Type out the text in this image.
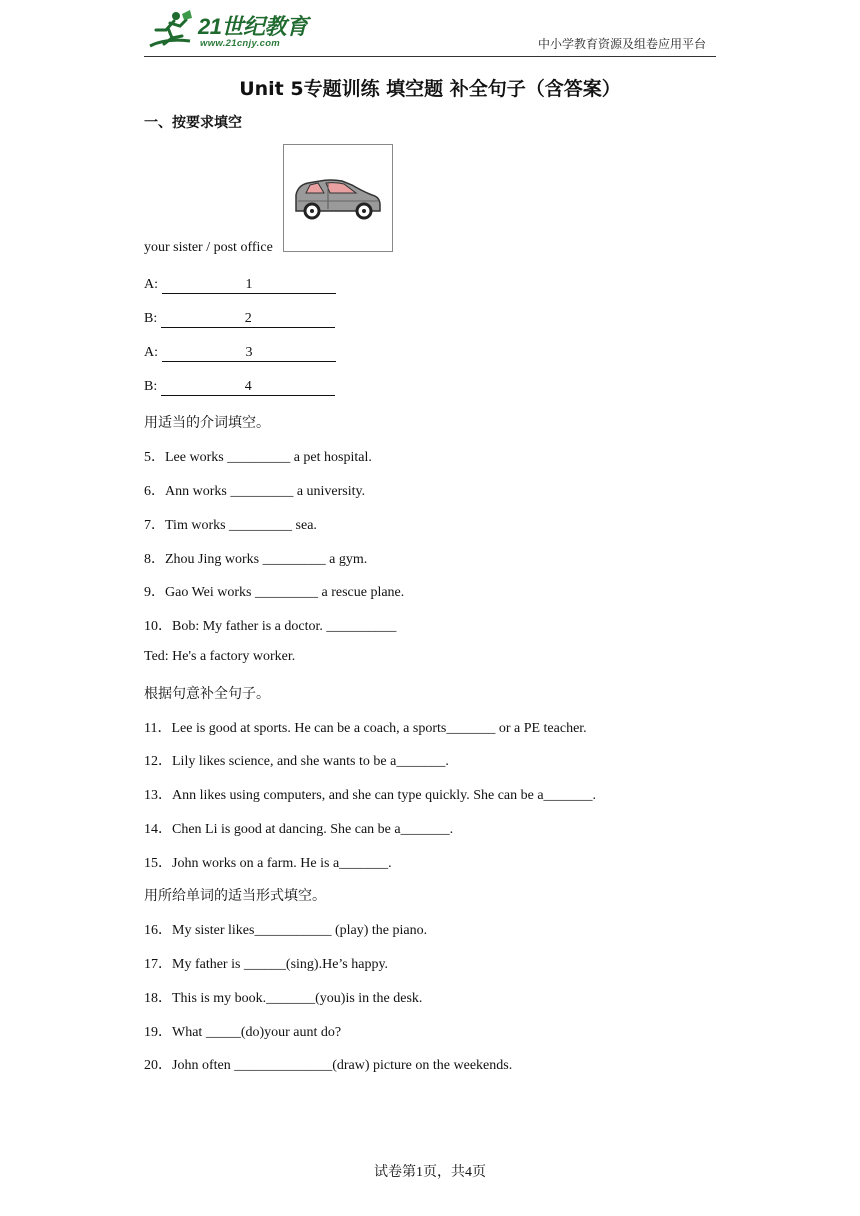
21世纪教育
www.21cnjy.com	中小学教育资源及组卷应用平台
Unit 5专题训练 填空题 补全句子（含答案）
一、按要求填空
your sister / post office
A:	1
B:	2
A:	3
B:	4
用适当的介词填空。
5．Lee works _________ a pet hospital.
6．Ann works _________ a university.
7．Tim works _________ sea.
8．Zhou Jing works _________ a gym.
9．Gao Wei works _________ a rescue plane.
10．Bob: My father is a doctor. __________
Ted: He's a factory worker.
根据句意补全句子。
11．Lee is good at sports. He can be a coach, a sports_______ or a PE teacher.
12．Lily likes science, and she wants to be a_______.
13．Ann likes using computers, and she can type quickly. She can be a_______.
14．Chen Li is good at dancing. She can be a_______.
15．John works on a farm. He is a_______.
用所给单词的适当形式填空。
16．My sister likes___________ (play) the piano.
17．My father is ______(sing).He’s happy.
18．This is my book._______(you)is in the desk.
19．What _____(do)your aunt do?
20．John often ______________(draw) picture on the weekends.
试卷第1页，共4页
